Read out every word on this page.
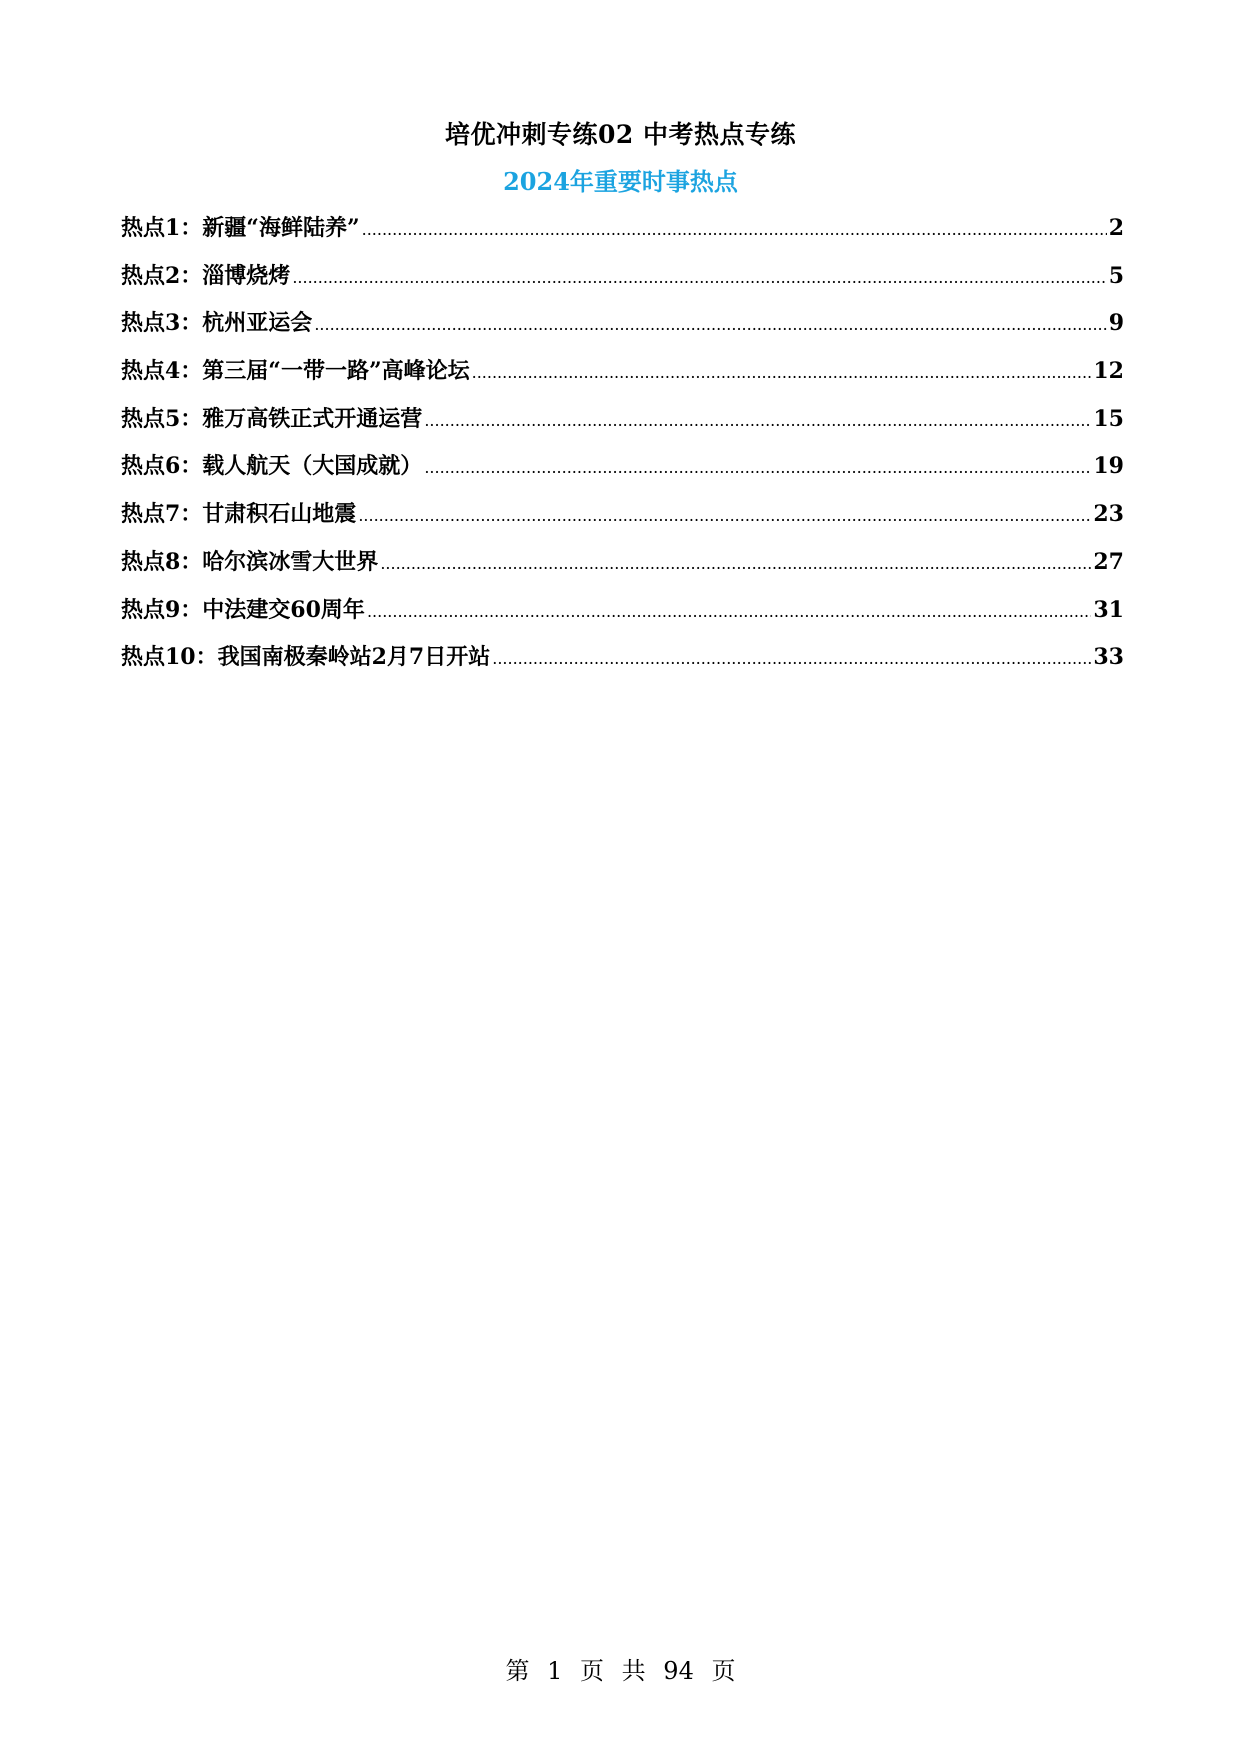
培优冲刺专练02 中考热点专练
2024年重要时事热点
热点1：新疆“海鲜陆养” .....	2
热点2：淄博烧烤 .....	5
热点3：杭州亚运会 .....	9
热点4：第三届“一带一路”高峰论坛 .....	12
热点5：雅万高铁正式开通运营 .....	15
热点6：载人航天（大国成就） .....	19
热点7：甘肃积石山地震 .....	23
热点8：哈尔滨冰雪大世界 .....	27
热点9：中法建交60周年 .....	31
热点10：我国南极秦岭站2月7日开站 .....	33
第 1 页 共 94 页
